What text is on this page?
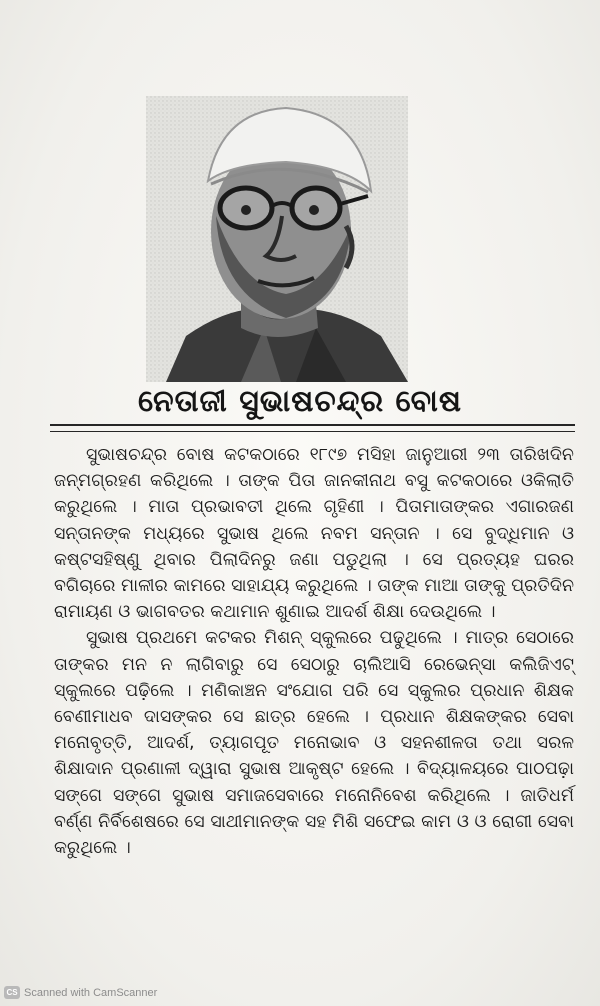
ନେତାଜୀ ସୁଭାଷଚନ୍ଦ୍ର ବୋଷ

ସୁଭାଷଚନ୍ଦ୍ର ବୋଷ କଟକଠାରେ ୧୮୯୭ ମସିହା ଜାନୁଆରୀ ୨୩ ତାରିଖଦିନ ଜନ୍ମଗ୍ରହଣ କରିଥିଲେ । ତାଙ୍କ ପିତା ଜାନକୀନାଥ ବସୁ କଟକଠାରେ ଓକିଲାତି କରୁଥିଲେ । ମାତା ପ୍ରଭାବତୀ ଥିଲେ ଗୃହିଣୀ । ପିତାମାତାଙ୍କର ଏଗାରଜଣ ସନ୍ତାନଙ୍କ ମଧ୍ୟରେ ସୁଭାଷ ଥିଲେ ନବମ ସନ୍ତାନ । ସେ ବୁଦ୍ଧିମାନ ଓ କଷ୍ଟସହିଷ୍ଣୁ ଥିବାର ପିଲାଦିନରୁ ଜଣା ପଡୁଥିଲା । ସେ ପ୍ରତ୍ୟହ ଘରର ବଗିଚାରେ ମାଳୀର କାମରେ ସାହାଯ୍ୟ କରୁଥିଲେ । ତାଙ୍କ ମାଆ ତାଙ୍କୁ ପ୍ରତିଦିନ ରାମାୟଣ ଓ ଭାଗବତର କଥାମାନ ଶୁଣାଇ ଆଦର୍ଶ ଶିକ୍ଷା ଦେଉଥିଲେ ।

ସୁଭାଷ ପ୍ରଥମେ କଟକର ମିଶନ୍ ସ୍କୁଲରେ ପଢୁଥିଲେ । ମାତ୍ର ସେଠାରେ ତାଙ୍କର ମନ ନ ଲାଗିବାରୁ ସେ ସେଠାରୁ ଚାଲିଆସି ରେଭେନ୍ସା କଲିଜିଏଟ୍ ସ୍କୁଲରେ ପଢ଼ିଲେ । ମଣିକାଞ୍ଚନ ସଂଯୋଗ ପରି ସେ ସ୍କୁଲର ପ୍ରଧାନ ଶିକ୍ଷକ ବେଣୀମାଧବ ଦାସଙ୍କର ସେ ଛାତ୍ର ହେଲେ । ପ୍ରଧାନ ଶିକ୍ଷକଙ୍କର ସେବା ମନୋବୃତ୍ତି, ଆଦର୍ଶ, ତ୍ୟାଗପୂତ ମନୋଭାବ ଓ ସହନଶୀଳତା ତଥା ସରଳ ଶିକ୍ଷାଦାନ ପ୍ରଣାଳୀ ଦ୍ୱାରା ସୁଭାଷ ଆକୃଷ୍ଟ ହେଲେ । ବିଦ୍ୟାଳୟରେ ପାଠପଢ଼ା ସଙ୍ଗେ ସଙ୍ଗେ ସୁଭାଷ ସମାଜସେବାରେ ମନୋନିବେଶ କରିଥିଲେ । ଜାତିଧର୍ମ ବର୍ଣ୍ଣ ନିର୍ବିଶେଷରେ ସେ ସାଥୀମାନଙ୍କ ସହ ମିଶି ସଫେଇ କାମ ଓ ଓ ରୋଗୀ ସେବା କରୁଥିଲେ ।

CS Scanned with CamScanner
